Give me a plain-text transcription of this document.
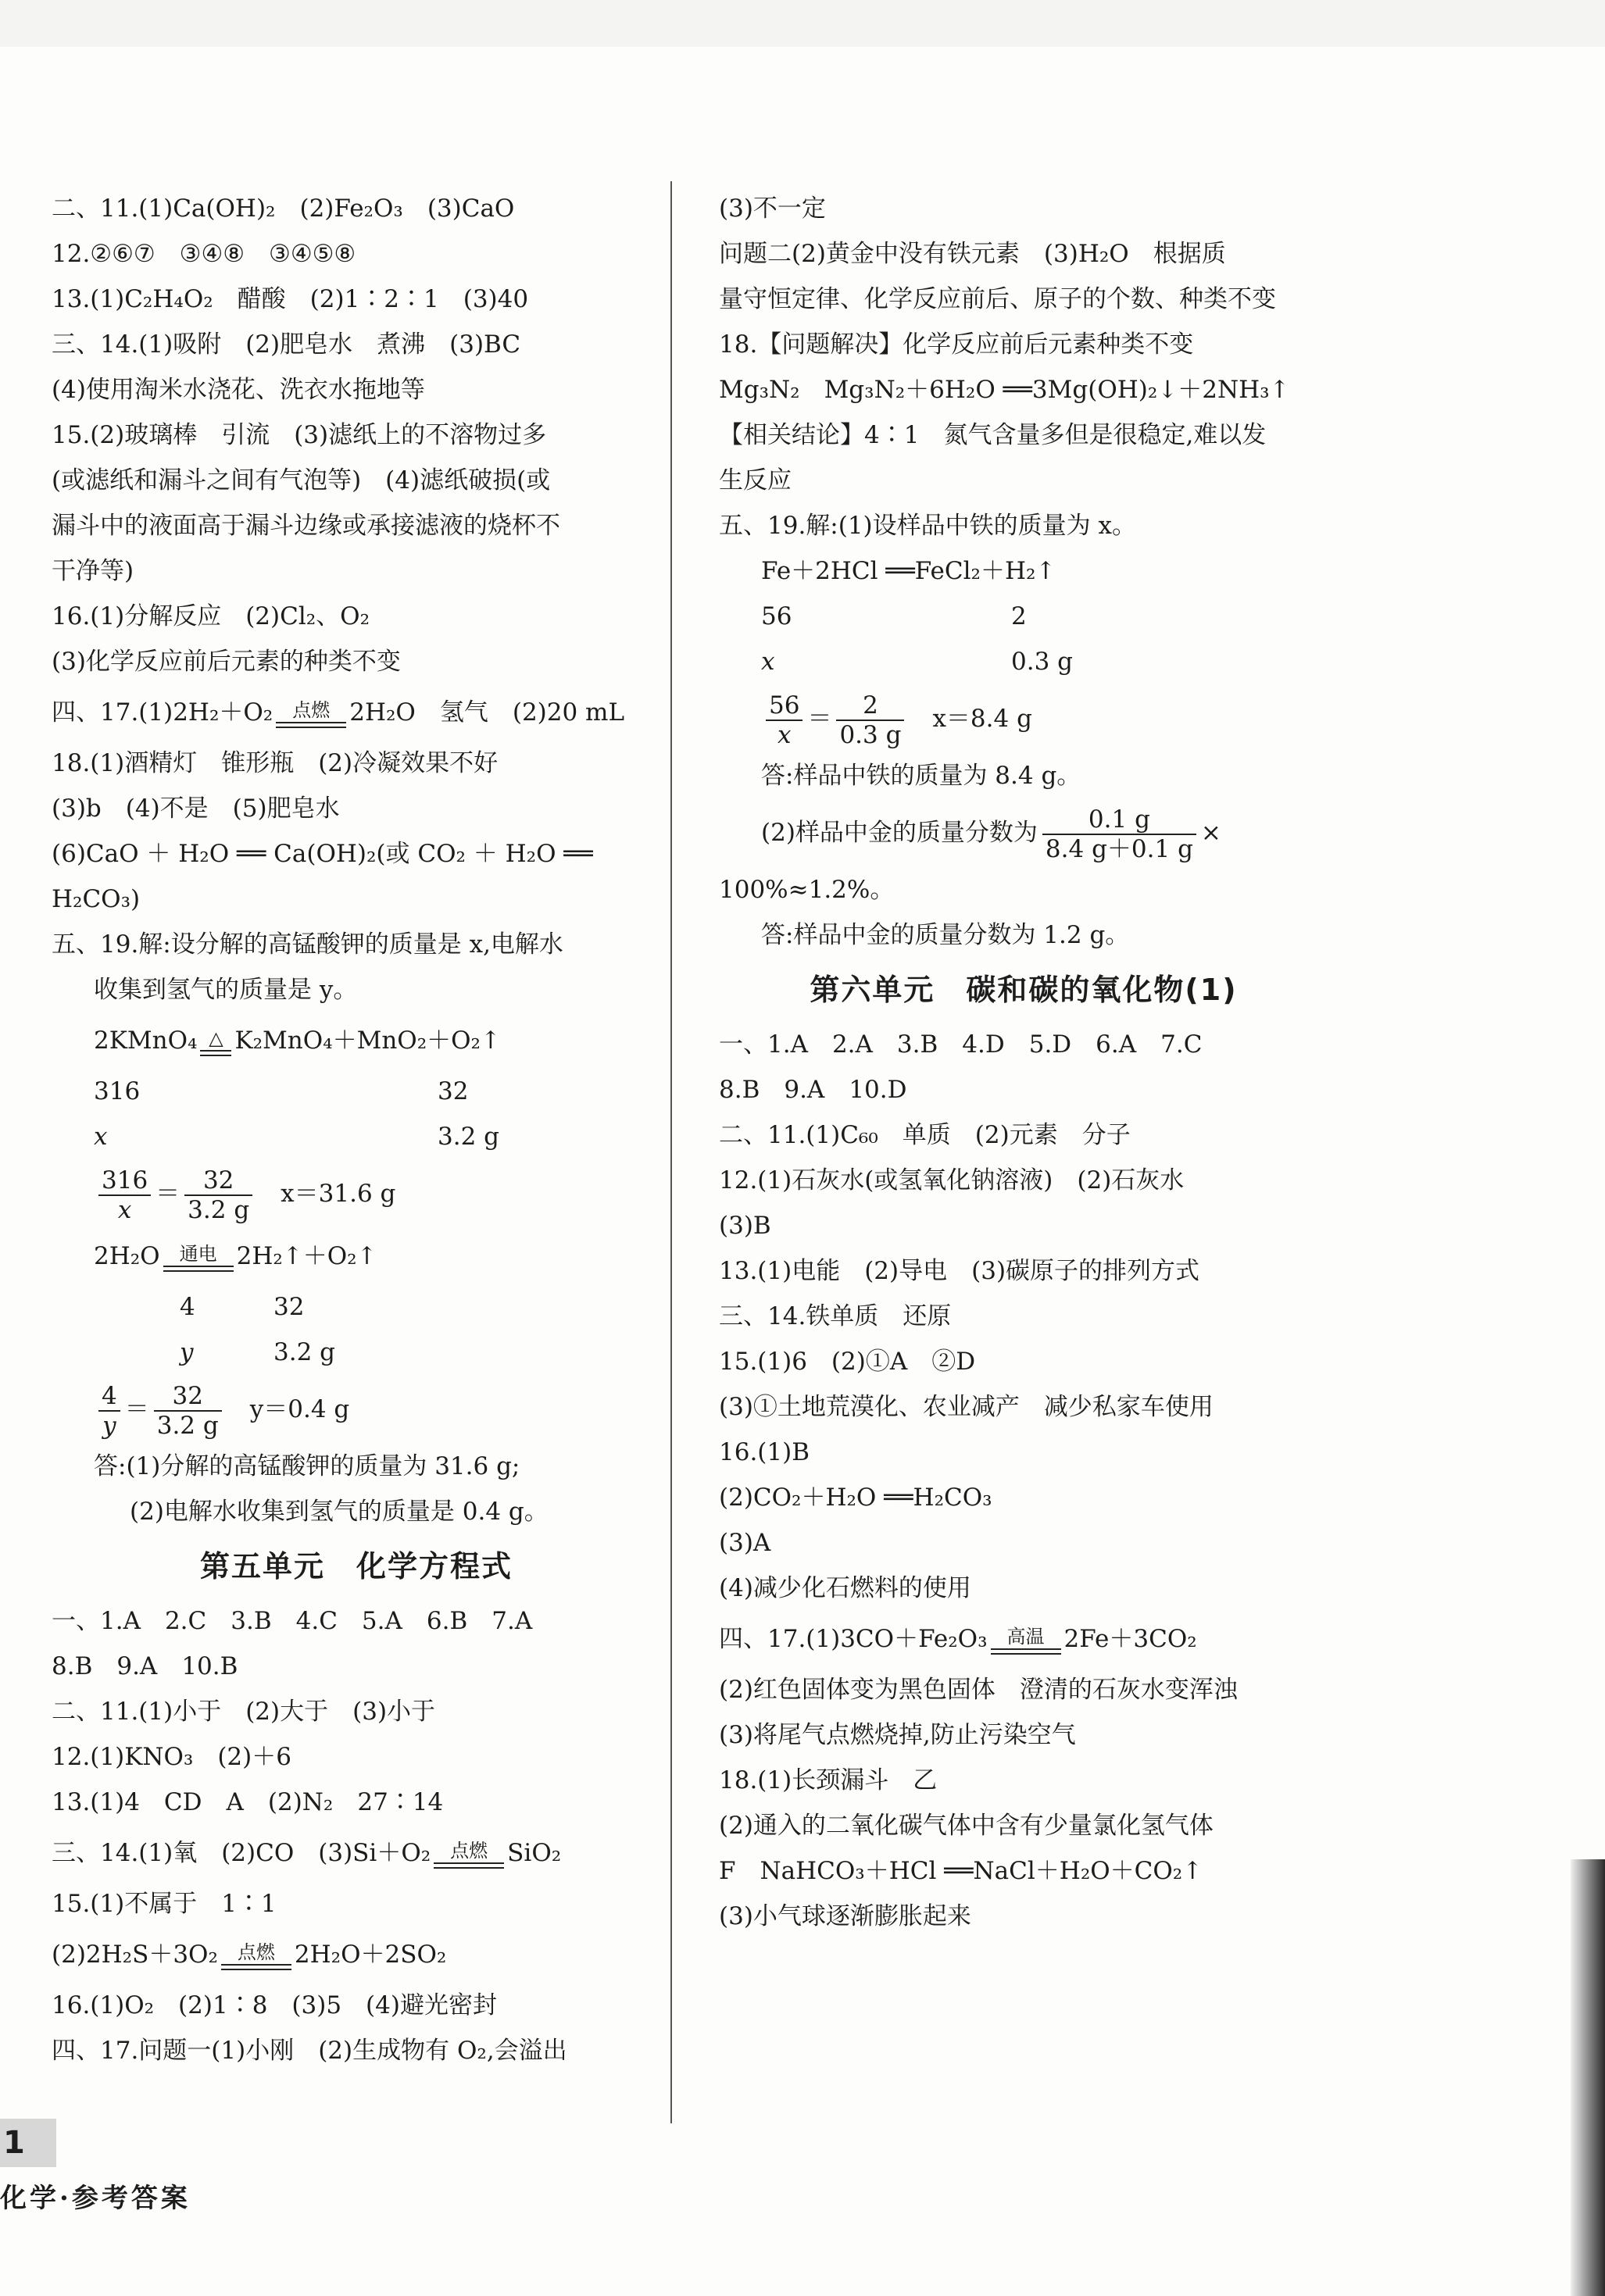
二、11.(1)Ca(OH)₂　(2)Fe₂O₃　(3)CaO
12.②⑥⑦　③④⑧　③④⑤⑧
13.(1)C₂H₄O₂　醋酸　(2)1∶2∶1　(3)40
三、14.(1)吸附　(2)肥皂水　煮沸　(3)BC
(4)使用淘米水浇花、洗衣水拖地等
15.(2)玻璃棒　引流　(3)滤纸上的不溶物过多
(或滤纸和漏斗之间有气泡等)　(4)滤纸破损(或
漏斗中的液面高于漏斗边缘或承接滤液的烧杯不
干净等)
16.(1)分解反应　(2)Cl₂、O₂
(3)化学反应前后元素的种类不变
四、17.(1)2H₂＋O₂	点燃 2H₂O　氢气　(2)20 mL
18.(1)酒精灯　锥形瓶　(2)冷凝效果不好
(3)b　(4)不是　(5)肥皂水
(6)CaO ＋ H₂O ══ Ca(OH)₂(或 CO₂ ＋ H₂O ══
H₂CO₃)
五、19.解:设分解的高锰酸钾的质量是 x,电解水
收集到氢气的质量是 y。
2KMnO₄ △ K₂MnO₄＋MnO₂＋O₂↑
316	32
x	3.2 g
$\frac{316}{x} = \frac{32}{3.2 g} x=31.6$ g
2H₂O	通电 2H₂↑＋O₂↑
4	32
y	3.2 g
$\frac{4}{y} = \frac{32}{3.2 g} y=0.4$ g
答:(1)分解的高锰酸钾的质量为 31.6 g;
(2)电解水收集到氢气的质量是 0.4 g。
第五单元　化学方程式
一、1.A　2.C　3.B　4.C　5.A　6.B　7.A
8.B　9.A　10.B
二、11.(1)小于　(2)大于　(3)小于
12.(1)KNO₃　(2)＋6
13.(1)4　CD　A　(2)N₂　27∶14
三、14.(1)氧　(2)CO　(3)Si＋O₂	点燃 SiO₂
15.(1)不属于　1∶1
(2)2H₂S＋3O₂	点燃 2H₂O＋2SO₂
16.(1)O₂　(2)1∶8　(3)5　(4)避光密封
四、17.问题一(1)小刚　(2)生成物有 O₂,会溢出
(3)不一定
问题二(2)黄金中没有铁元素　(3)H₂O　根据质
量守恒定律、化学反应前后、原子的个数、种类不变
18.【问题解决】化学反应前后元素种类不变
Mg₃N₂　Mg₃N₂＋6H₂O ══3Mg(OH)₂↓＋2NH₃↑
【相关结论】4∶1　氮气含量多但是很稳定,难以发
生反应
五、19.解:(1)设样品中铁的质量为 x。
Fe＋2HCl ══FeCl₂＋H₂↑
56	2
x	0.3 g
$\frac{56}{x} = \frac{2}{0.3 g} x=8.4$ g
答:样品中铁的质量为 8.4 g。
(2)样品中金的质量分数为 $\frac{0.1 g}{8.4 g+0.1 g}$ ×
100%≈1.2%。
答:样品中金的质量分数为 1.2 g。
第六单元　碳和碳的氧化物(1)
一、1.A　2.A　3.B　4.D　5.D　6.A　7.C
8.B　9.A　10.D
二、11.(1)C₆₀　单质　(2)元素　分子
12.(1)石灰水(或氢氧化钠溶液)　(2)石灰水
(3)B
13.(1)电能　(2)导电　(3)碳原子的排列方式
三、14.铁单质　还原
15.(1)6　(2)①A　②D
(3)①土地荒漠化、农业减产　减少私家车使用
16.(1)B
(2)CO₂＋H₂O ══H₂CO₃
(3)A
(4)减少化石燃料的使用
四、17.(1)3CO＋Fe₂O₃	高温 2Fe＋3CO₂
(2)红色固体变为黑色固体　澄清的石灰水变浑浊
(3)将尾气点燃烧掉,防止污染空气
18.(1)长颈漏斗　乙
(2)通入的二氧化碳气体中含有少量氯化氢气体
F　NaHCO₃＋HCl ══NaCl＋H₂O＋CO₂↑
(3)小气球逐渐膨胀起来
1
化学·参考答案
